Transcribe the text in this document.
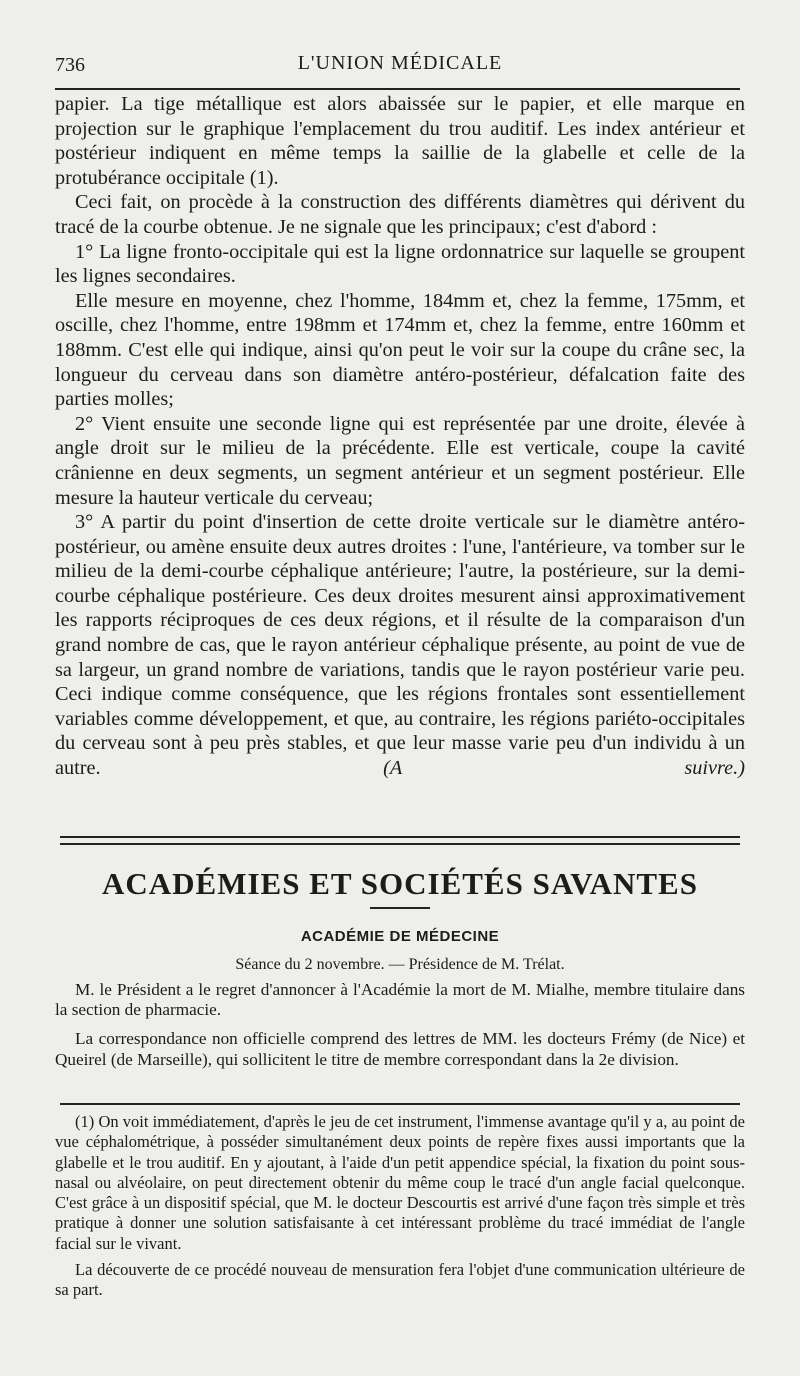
736	L'UNION MÉDICALE

papier. La tige métallique est alors abaissée sur le papier, et elle marque en projection sur le graphique l'emplacement du trou auditif. Les index antérieur et postérieur indiquent en même temps la saillie de la glabelle et celle de la protubérance occipitale (1).

Ceci fait, on procède à la construction des différents diamètres qui dérivent du tracé de la courbe obtenue. Je ne signale que les principaux; c'est d'abord :

1° La ligne fronto-occipitale qui est la ligne ordonnatrice sur laquelle se groupent les lignes secondaires.

Elle mesure en moyenne, chez l'homme, 184mm et, chez la femme, 175mm, et oscille, chez l'homme, entre 198mm et 174mm et, chez la femme, entre 160mm et 188mm. C'est elle qui indique, ainsi qu'on peut le voir sur la coupe du crâne sec, la longueur du cerveau dans son diamètre antéro-postérieur, défalcation faite des parties molles;

2° Vient ensuite une seconde ligne qui est représentée par une droite, élevée à angle droit sur le milieu de la précédente. Elle est verticale, coupe la cavité crânienne en deux segments, un segment antérieur et un segment postérieur. Elle mesure la hauteur verticale du cerveau;

3° A partir du point d'insertion de cette droite verticale sur le diamètre antéro-postérieur, ou amène ensuite deux autres droites : l'une, l'antérieure, va tomber sur le milieu de la demi-courbe céphalique antérieure; l'autre, la postérieure, sur la demi-courbe céphalique postérieure. Ces deux droites mesurent ainsi approximativement les rapports réciproques de ces deux régions, et il résulte de la comparaison d'un grand nombre de cas, que le rayon antérieur céphalique présente, au point de vue de sa largeur, un grand nombre de variations, tandis que le rayon postérieur varie peu. Ceci indique comme conséquence, que les régions frontales sont essentiellement variables comme développement, et que, au contraire, les régions pariéto-occipitales du cerveau sont à peu près stables, et que leur masse varie peu d'un individu à un autre.	(A suivre.)

ACADÉMIES ET SOCIÉTÉS SAVANTES
ACADÉMIE DE MÉDECINE
Séance du 2 novembre. — Présidence de M. Trélat.

M. le Président a le regret d'annoncer à l'Académie la mort de M. Mialhe, membre titulaire dans la section de pharmacie.

La correspondance non officielle comprend des lettres de MM. les docteurs Frémy (de Nice) et Queirel (de Marseille), qui sollicitent le titre de membre correspondant dans la 2e division.

(1) On voit immédiatement, d'après le jeu de cet instrument, l'immense avantage qu'il y a, au point de vue céphalométrique, à posséder simultanément deux points de repère fixes aussi importants que la glabelle et le trou auditif. En y ajoutant, à l'aide d'un petit appendice spécial, la fixation du point sous-nasal ou alvéolaire, on peut directement obtenir du même coup le tracé d'un angle facial quelconque. C'est grâce à un dispositif spécial, que M. le docteur Descourtis est arrivé d'une façon très simple et très pratique à donner une solution satisfaisante à cet intéressant problème du tracé immédiat de l'angle facial sur le vivant.

La découverte de ce procédé nouveau de mensuration fera l'objet d'une communication ultérieure de sa part.
